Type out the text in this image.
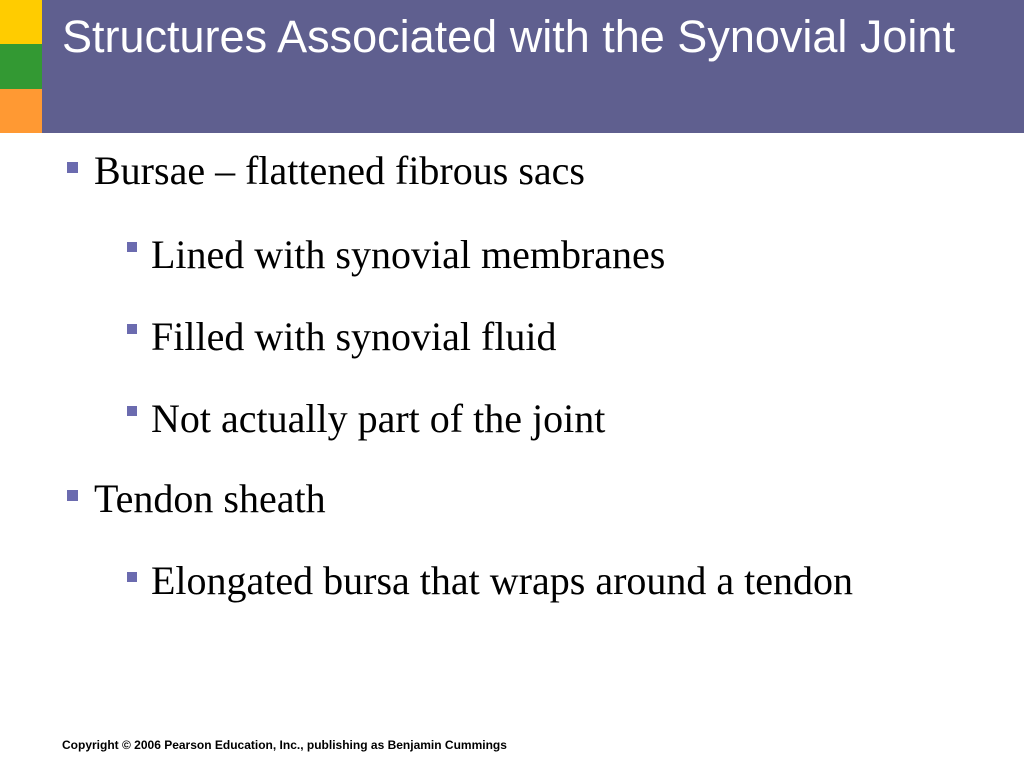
Structures Associated with the Synovial Joint
Bursae – flattened fibrous sacs
Lined with synovial membranes
Filled with synovial fluid
Not actually part of the joint
Tendon sheath
Elongated bursa that wraps around a tendon

Copyright © 2006 Pearson Education, Inc., publishing as Benjamin Cummings
